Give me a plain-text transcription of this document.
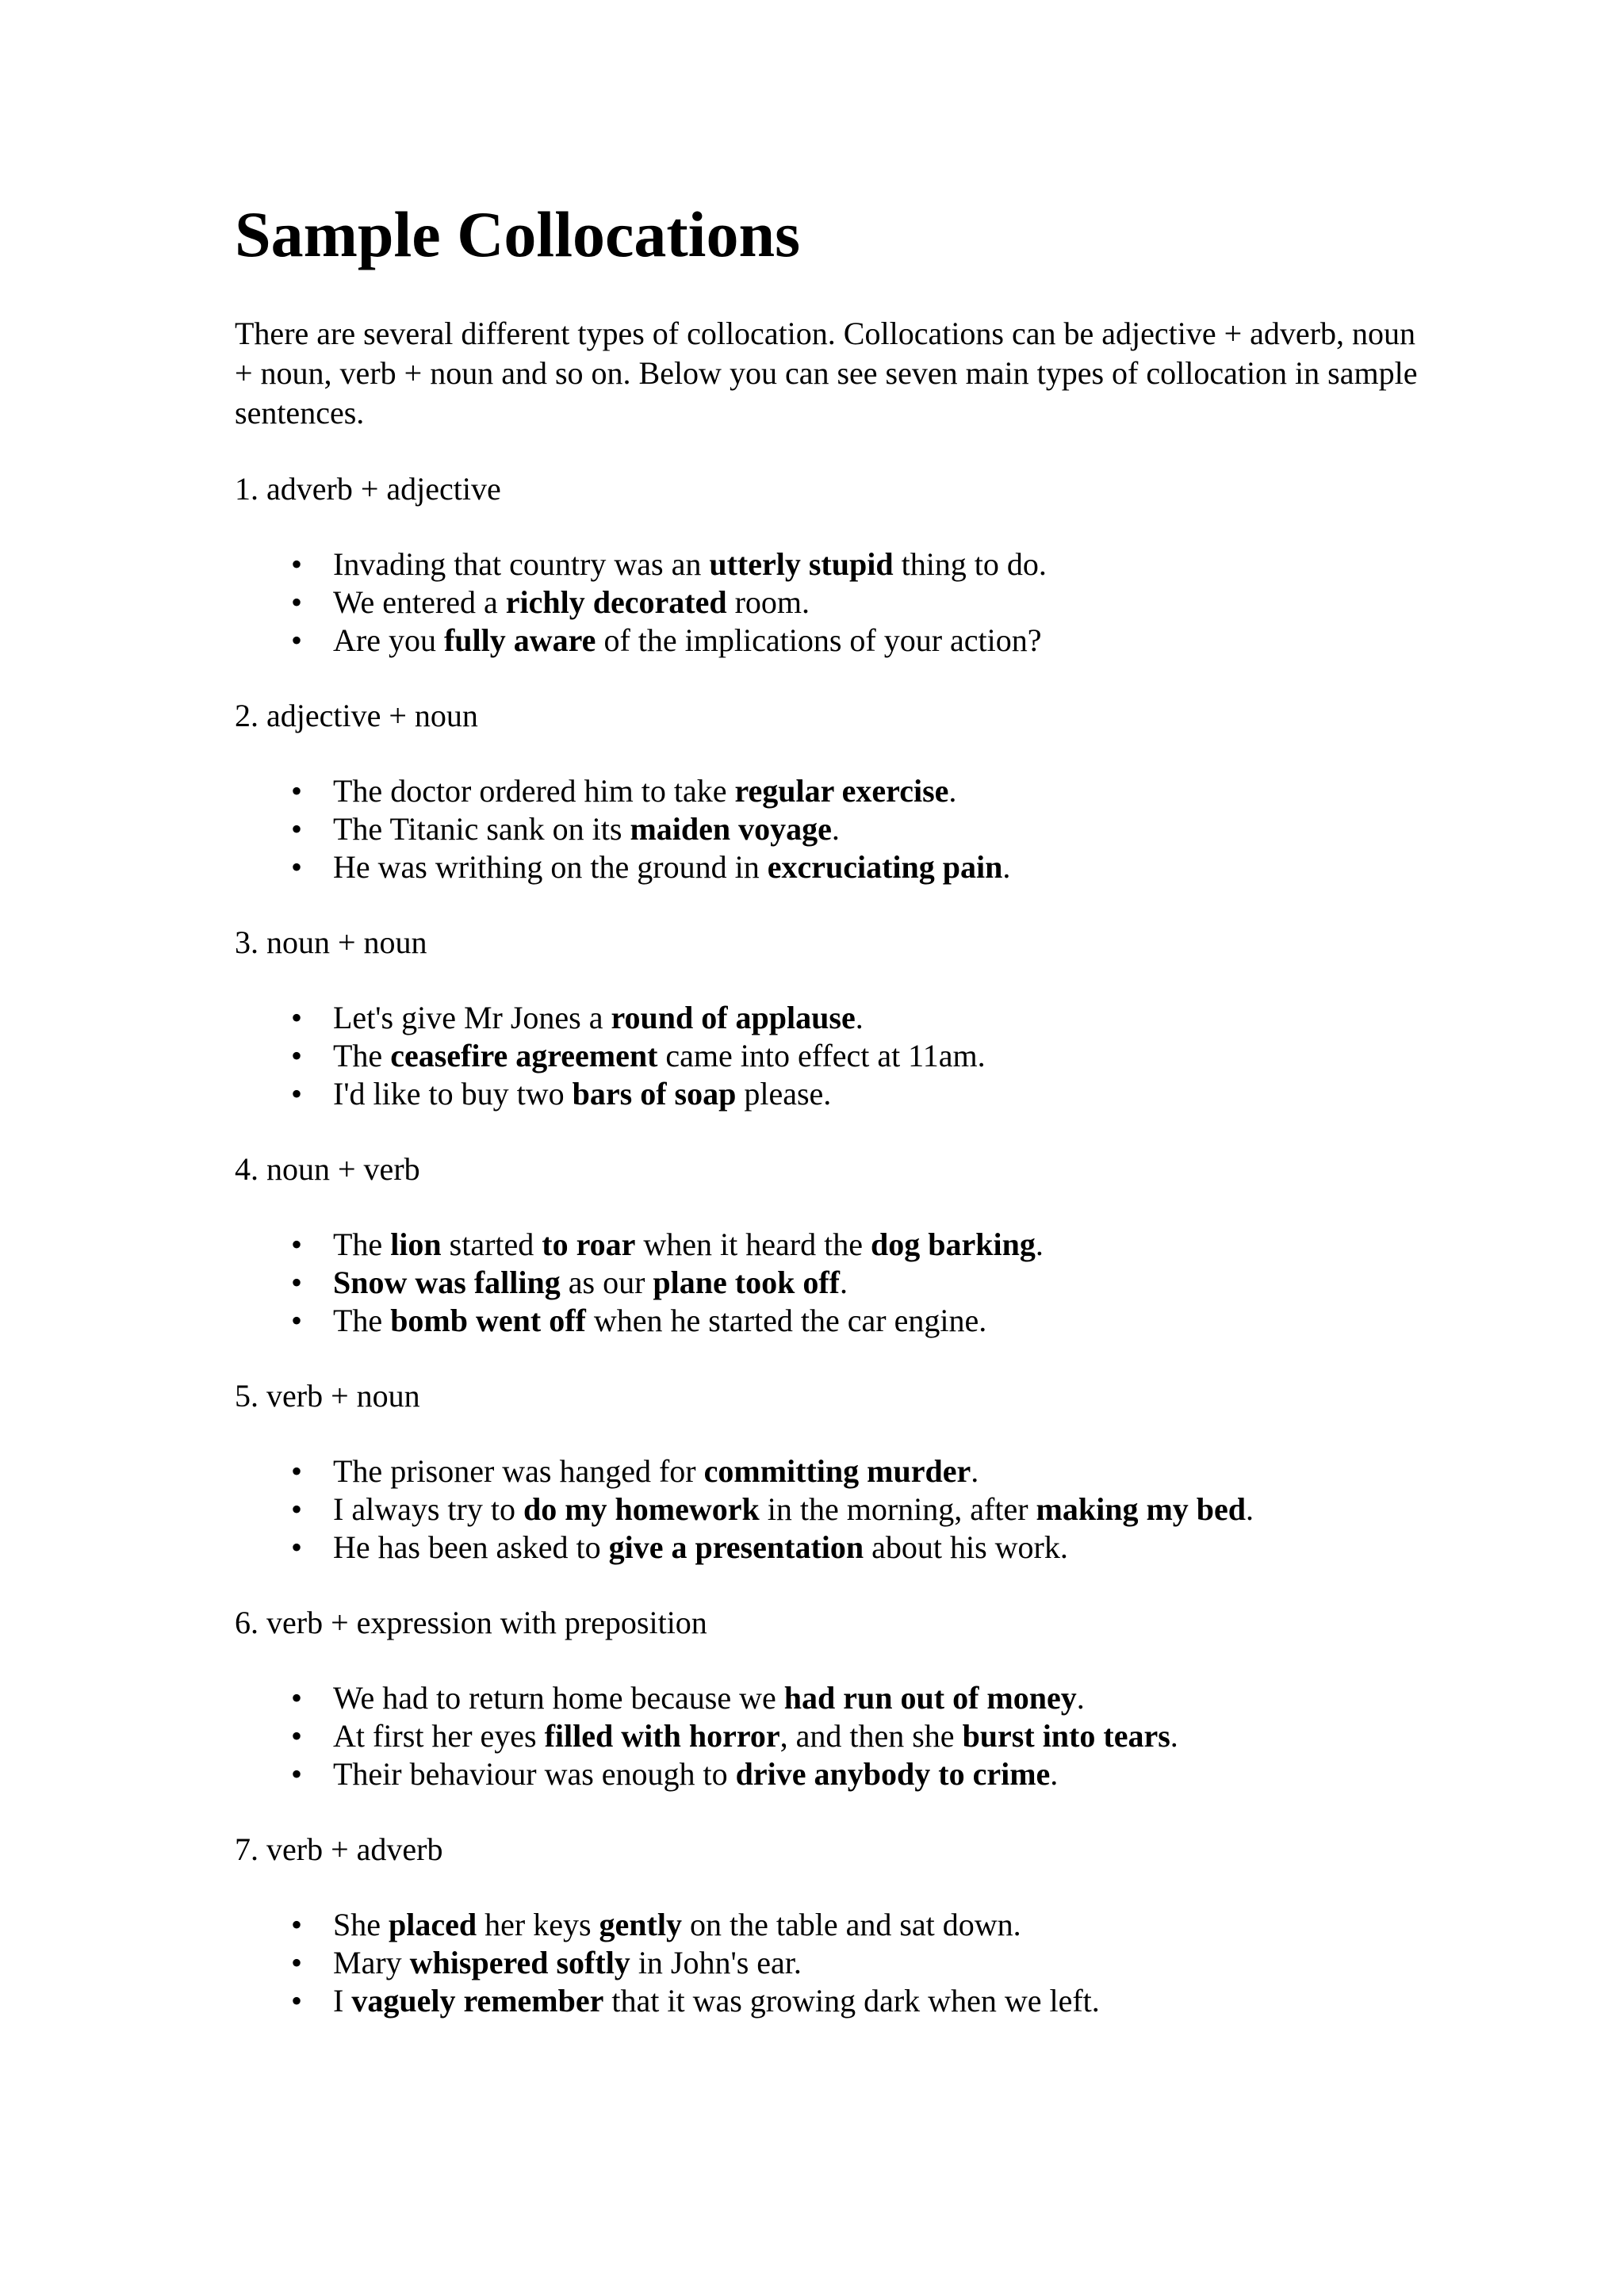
Sample Collocations

There are several different types of collocation. Collocations can be adjective + adverb, noun + noun, verb + noun and so on. Below you can see seven main types of collocation in sample sentences.

1. adverb + adjective

• Invading that country was an utterly stupid thing to do.
• We entered a richly decorated room.
• Are you fully aware of the implications of your action?

2. adjective + noun

• The doctor ordered him to take regular exercise.
• The Titanic sank on its maiden voyage.
• He was writhing on the ground in excruciating pain.

3. noun + noun

• Let's give Mr Jones a round of applause.
• The ceasefire agreement came into effect at 11am.
• I'd like to buy two bars of soap please.

4. noun + verb

• The lion started to roar when it heard the dog barking.
• Snow was falling as our plane took off.
• The bomb went off when he started the car engine.

5. verb + noun

• The prisoner was hanged for committing murder.
• I always try to do my homework in the morning, after making my bed.
• He has been asked to give a presentation about his work.

6. verb + expression with preposition

• We had to return home because we had run out of money.
• At first her eyes filled with horror, and then she burst into tears.
• Their behaviour was enough to drive anybody to crime.

7. verb + adverb

• She placed her keys gently on the table and sat down.
• Mary whispered softly in John's ear.
• I vaguely remember that it was growing dark when we left.
